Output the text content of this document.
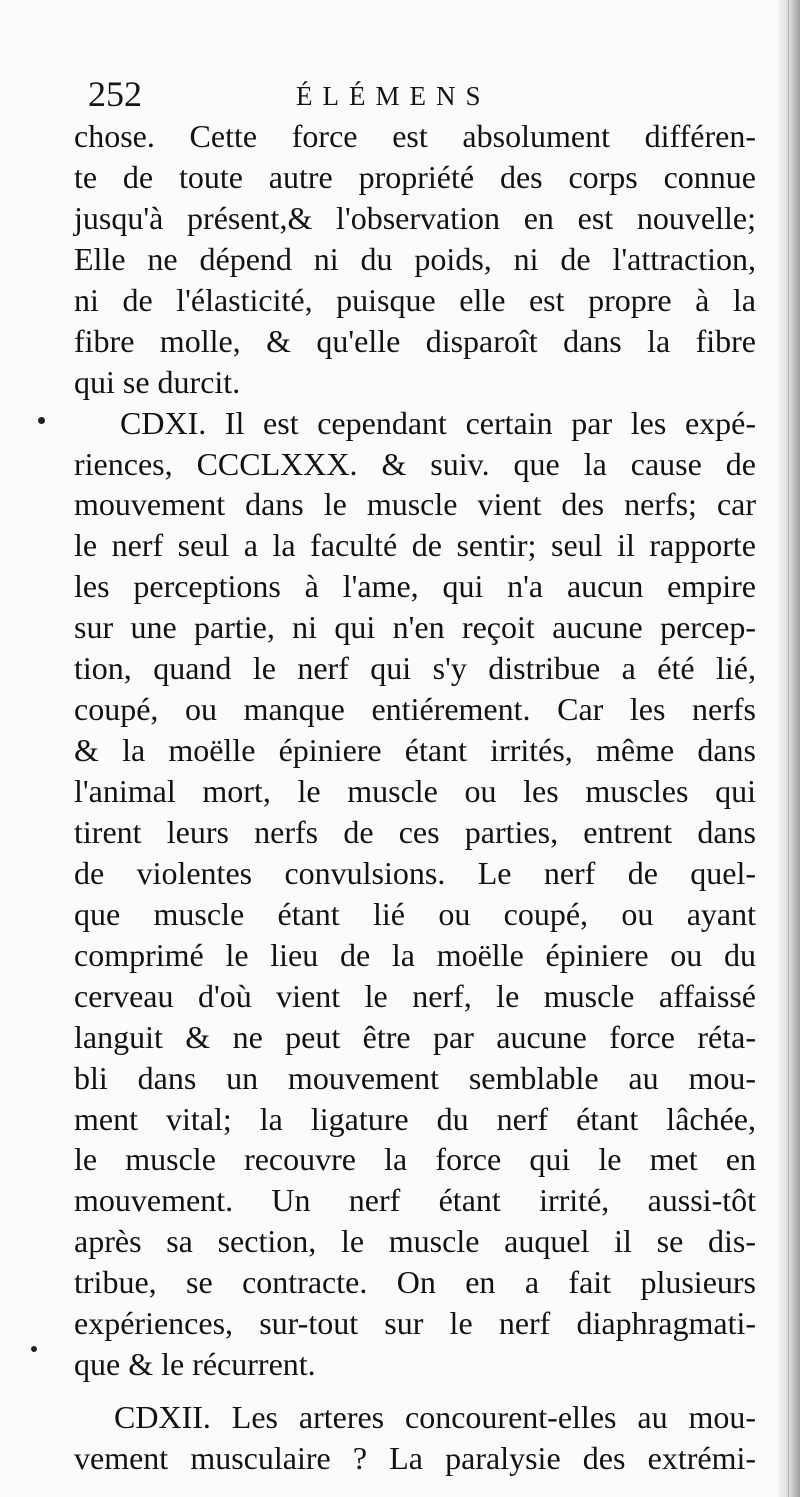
252	ÉLÉMENS
chose. Cette force est absolument différen-
te de toute autre propriété des corps connue
jusqu'à présent,& l'observation en est nouvelle;
Elle ne dépend ni du poids, ni de l'attraction,
ni de l'élasticité, puisque elle est propre à la
fibre molle, & qu'elle disparoît dans la fibre
qui se durcit.
CDXI. Il est cependant certain par les expé-
riences, CCCLXXX. & suiv. que la cause de
mouvement dans le muscle vient des nerfs; car
le nerf seul a la faculté de sentir; seul il rapporte
les perceptions à l'ame, qui n'a aucun empire
sur une partie, ni qui n'en reçoit aucune percep-
tion, quand le nerf qui s'y distribue a été lié,
coupé, ou manque entiérement. Car les nerfs
& la moëlle épiniere étant irrités, même dans
l'animal mort, le muscle ou les muscles qui
tirent leurs nerfs de ces parties, entrent dans
de violentes convulsions. Le nerf de quel-
que muscle étant lié ou coupé, ou ayant
comprimé le lieu de la moëlle épiniere ou du
cerveau d'où vient le nerf, le muscle affaissé
languit & ne peut être par aucune force réta-
bli dans un mouvement semblable au mou-
ment vital; la ligature du nerf étant lâchée,
le muscle recouvre la force qui le met en
mouvement. Un nerf étant irrité, aussi-tôt
après sa section, le muscle auquel il se dis-
tribue, se contracte. On en a fait plusieurs
expériences, sur-tout sur le nerf diaphragmati-
que & le récurrent.
CDXII. Les arteres concourent-elles au mou-
vement musculaire ? La paralysie des extrémi-
